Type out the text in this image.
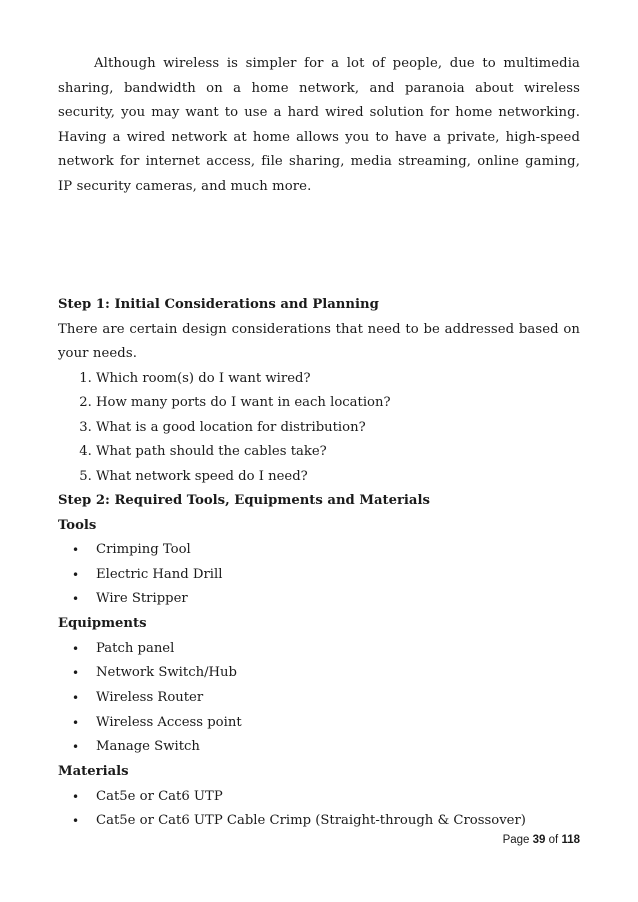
Although wireless is simpler for a lot of people, due to multimedia sharing, bandwidth on a home network, and paranoia about wireless security, you may want to use a hard wired solution for home networking. Having a wired network at home allows you to have a private, high-speed network for internet access, file sharing, media streaming, online gaming, IP security cameras, and much more.

Step 1: Initial Considerations and Planning

There are certain design considerations that need to be addressed based on your needs.

1. Which room(s) do I want wired?
2. How many ports do I want in each location?
3. What is a good location for distribution?
4. What path should the cables take?
5. What network speed do I need?
Step 2: Required Tools, Equipments and Materials
Tools
• Crimping Tool
• Electric Hand Drill
• Wire Stripper
Equipments
• Patch panel
• Network Switch/Hub
• Wireless Router
• Wireless Access point
• Manage Switch
Materials
• Cat5e or Cat6 UTP
• Cat5e or Cat6 UTP Cable Crimp (Straight-through & Crossover)
Page 39 of 118
